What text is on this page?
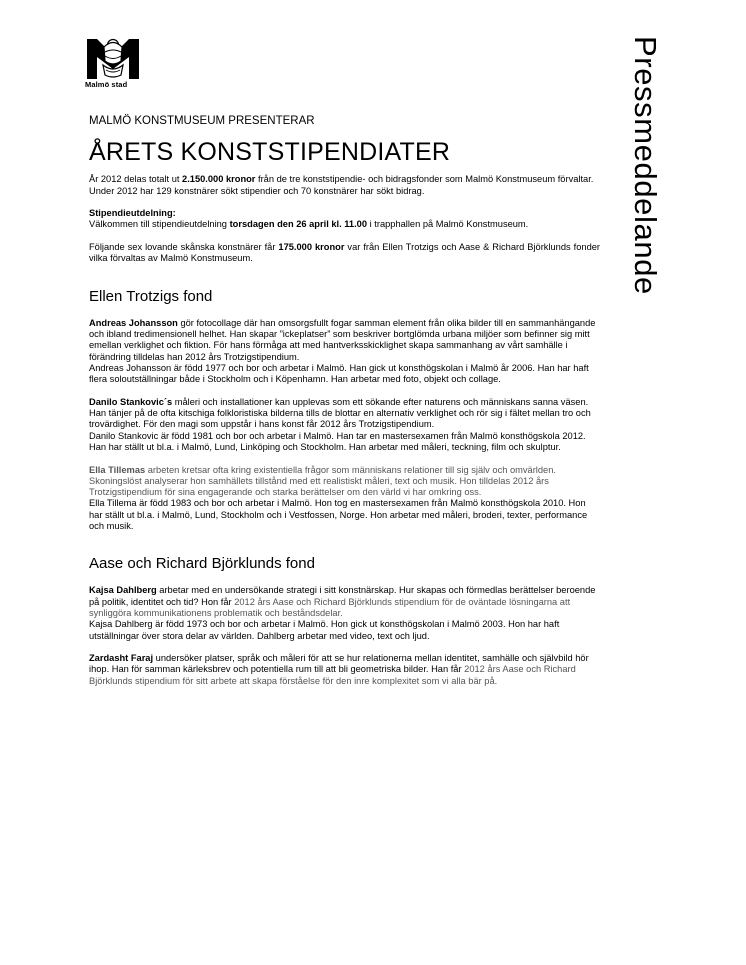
Malmö stad	Pressmeddelande

MALMÖ KONSTMUSEUM PRESENTERAR

ÅRETS KONSTSTIPENDIATER

År 2012 delas totalt ut 2.150.000 kronor från de tre konststipendie- och bidragsfonder som Malmö Konstmuseum förvaltar. Under 2012 har 129 konstnärer sökt stipendier och 70 konstnärer har sökt bidrag.

Stipendieutdelning:
Välkommen till stipendieutdelning torsdagen den 26 april kl. 11.00 i trapphallen på Malmö Konstmuseum.

Följande sex lovande skånska konstnärer får 175.000 kronor var från Ellen Trotzigs och Aase & Richard Björklunds fonder vilka förvaltas av Malmö Konstmuseum.

Ellen Trotzigs fond

Andreas Johansson gör fotocollage där han omsorgsfullt fogar samman element från olika bilder till en sammanhängande och ibland tredimensionell helhet. Han skapar ”ickeplatser” som beskriver bortglömda urbana miljöer som befinner sig mitt emellan verklighet och fiktion. För hans förmåga att med hantverksskicklighet skapa sammanhang av vårt samhälle i förändring tilldelas han 2012 års Trotzigstipendium.
Andreas Johansson är född 1977 och bor och arbetar i Malmö. Han gick ut konsthögskolan i Malmö år 2006. Han har haft flera soloutställningar både i Stockholm och i Köpenhamn. Han arbetar med foto, objekt och collage.

Danilo Stankovic´s måleri och installationer kan upplevas som ett sökande efter naturens och människans sanna väsen. Han tänjer på de ofta kitschiga folkloristiska bilderna tills de blottar en alternativ verklighet och rör sig i fältet mellan tro och trovärdighet. För den magi som uppstår i hans konst får 2012 års Trotzigstipendium.
Danilo Stankovic är född 1981 och bor och arbetar i Malmö. Han tar en mastersexamen från Malmö konsthögskola 2012. Han har ställt ut bl.a. i Malmö, Lund, Linköping och Stockholm. Han arbetar med måleri, teckning, film och skulptur.

Ella Tillemas arbeten kretsar ofta kring existentiella frågor som människans relationer till sig själv och omvärlden. Skoningslöst analyserar hon samhällets tillstånd med ett realistiskt måleri, text och musik. Hon tilldelas 2012 års Trotzigstipendium för sina engagerande och starka berättelser om den värld vi har omkring oss.
Ella Tillema är född 1983 och bor och arbetar i Malmö. Hon tog en mastersexamen från Malmö konsthögskola 2010. Hon har ställt ut bl.a. i Malmö, Lund, Stockholm och i Vestfossen, Norge. Hon arbetar med måleri, broderi, texter, performance och musik.

Aase och Richard Björklunds fond

Kajsa Dahlberg arbetar med en undersökande strategi i sitt konstnärskap. Hur skapas och förmedlas berättelser beroende på politik, identitet och tid? Hon får 2012 års Aase och Richard Björklunds stipendium för de oväntade lösningarna att synliggöra kommunikationens problematik och beståndsdelar.
Kajsa Dahlberg är född 1973 och bor och arbetar i Malmö. Hon gick ut konsthögskolan i Malmö 2003. Hon har haft utställningar över stora delar av världen. Dahlberg arbetar med video, text och ljud.

Zardasht Faraj undersöker platser, språk och måleri för att se hur relationerna mellan identitet, samhälle och självbild hör ihop. Han för samman kärleksbrev och potentiella rum till att bli geometriska bilder. Han får 2012 års Aase och Richard Björklunds stipendium för sitt arbete att skapa förståelse för den inre komplexitet som vi alla bär på.
